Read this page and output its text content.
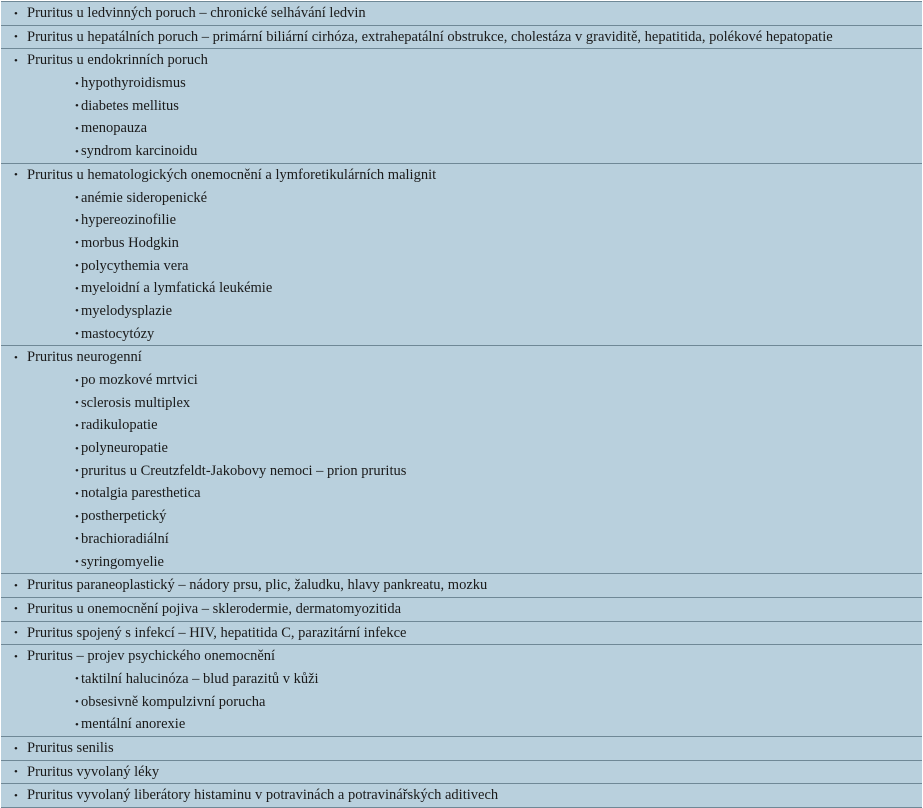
• Pruritus u ledvinných poruch – chronické selhávání ledvin
• Pruritus u hepatálních poruch – primární biliární cirhóza, extrahepatální obstrukce, cholestáza v graviditě, hepatitida, polékové hepatopatie
• Pruritus u endokrinních poruch
• hypothyroidismus
• diabetes mellitus
• menopauza
• syndrom karcinoidu
• Pruritus u hematologických onemocnění a lymforetikulárních malignit
• anémie sideropenické
• hypereozinofilie
• morbus Hodgkin
• polycythemia vera
• myeloidní a lymfatická leukémie
• myelodysplazie
• mastocytózy
• Pruritus neurogenní
• po mozkové mrtvici
• sclerosis multiplex
• radikulopatie
• polyneuropatie
• pruritus u Creutzfeldt-Jakobovy nemoci – prion pruritus
• notalgia paresthetica
• postherpetický
• brachioradiální
• syringomyelie
• Pruritus paraneoplastický – nádory prsu, plic, žaludku, hlavy pankreatu, mozku
• Pruritus u onemocnění pojiva – sklerodermie, dermatomyozitida
• Pruritus spojený s infekcí – HIV, hepatitida C, parazitární infekce
• Pruritus – projev psychického onemocnění
• taktilní halucinóza – blud parazitů v kůži
• obsesivně kompulzivní porucha
• mentální anorexie
• Pruritus senilis
• Pruritus vyvolaný léky
• Pruritus vyvolaný liberátory histaminu v potravinách a potravinářských aditivech
